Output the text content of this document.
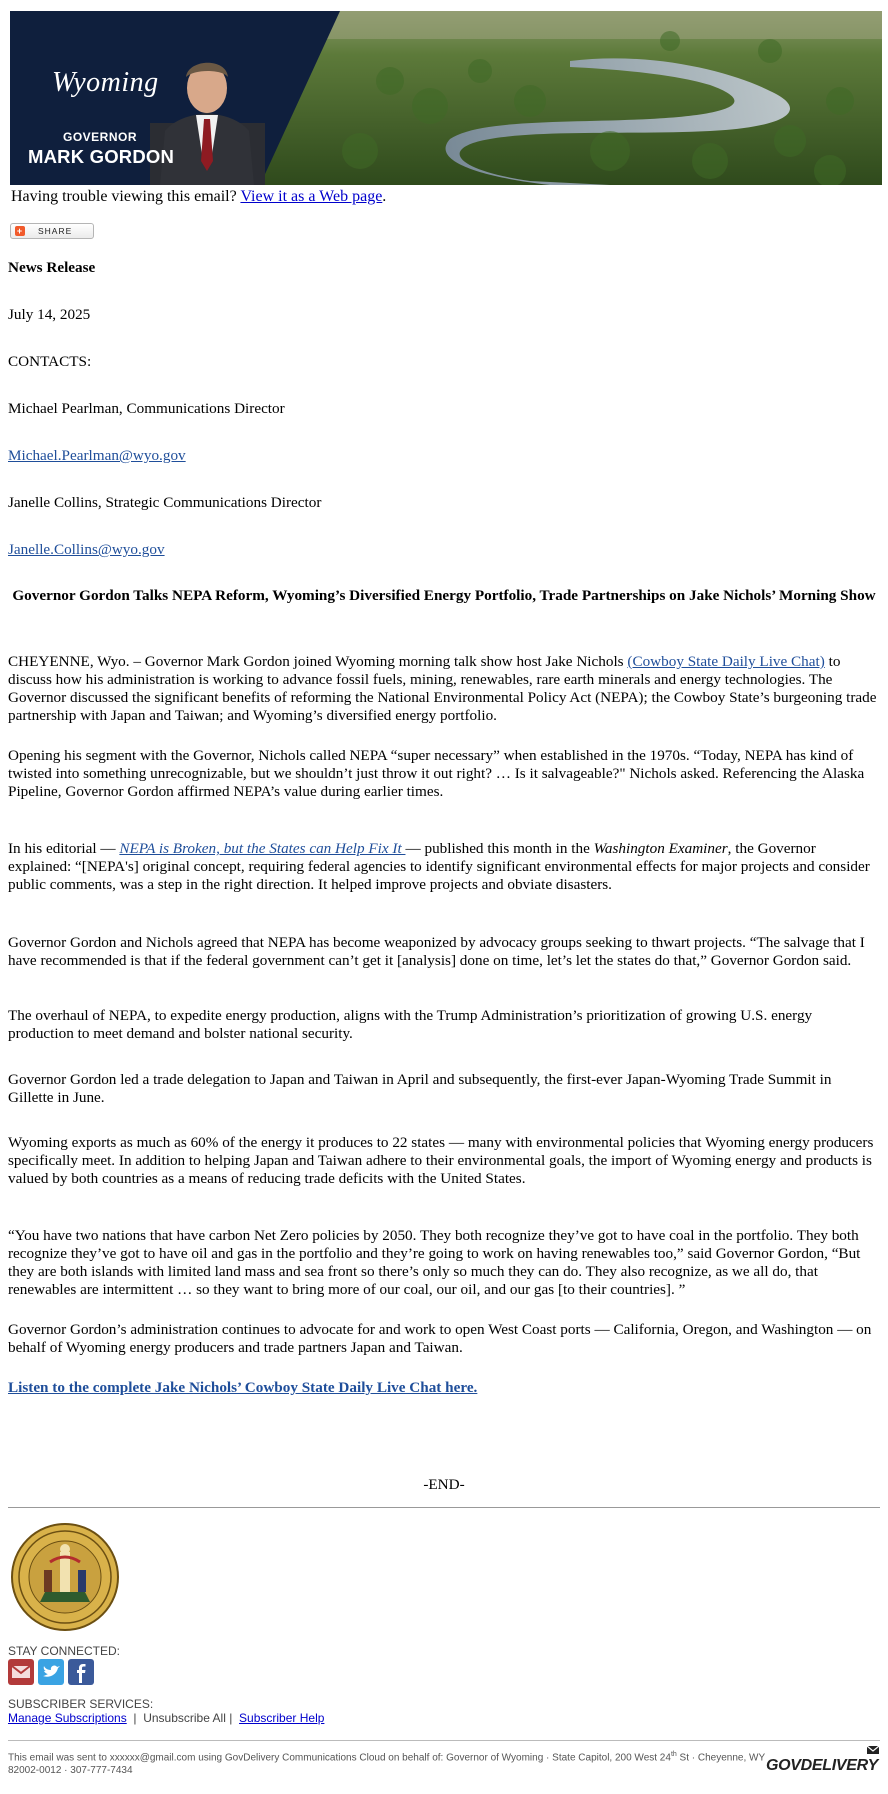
Wyoming
GOVERNOR
MARK GORDON
Having trouble viewing this email? View it as a Web page.
+ SHARE
News Release
July 14, 2025
CONTACTS:
Michael Pearlman, Communications Director
Michael.Pearlman@wyo.gov
Janelle Collins, Strategic Communications Director
Janelle.Collins@wyo.gov
Governor Gordon Talks NEPA Reform, Wyoming’s Diversified Energy Portfolio, Trade Partnerships on Jake Nichols’ Morning Show
CHEYENNE, Wyo. – Governor Mark Gordon joined Wyoming morning talk show host Jake Nichols (Cowboy State Daily Live Chat) to discuss how his administration is working to advance fossil fuels, mining, renewables, rare earth minerals and energy technologies. The Governor discussed the significant benefits of reforming the National Environmental Policy Act (NEPA); the Cowboy State’s burgeoning trade partnership with Japan and Taiwan; and Wyoming’s diversified energy portfolio.
Opening his segment with the Governor, Nichols called NEPA “super necessary” when established in the 1970s. “Today, NEPA has kind of twisted into something unrecognizable, but we shouldn’t just throw it out right? … Is it salvageable?" Nichols asked. Referencing the Alaska Pipeline, Governor Gordon affirmed NEPA’s value during earlier times.
In his editorial — NEPA is Broken, but the States can Help Fix It — published this month in the Washington Examiner, the Governor explained: “[NEPA's] original concept, requiring federal agencies to identify significant environmental effects for major projects and consider public comments, was a step in the right direction. It helped improve projects and obviate disasters.
Governor Gordon and Nichols agreed that NEPA has become weaponized by advocacy groups seeking to thwart projects. “The salvage that I have recommended is that if the federal government can’t get it [analysis] done on time, let’s let the states do that,” Governor Gordon said.
The overhaul of NEPA, to expedite energy production, aligns with the Trump Administration’s prioritization of growing U.S. energy production to meet demand and bolster national security.
Governor Gordon led a trade delegation to Japan and Taiwan in April and subsequently, the first-ever Japan-Wyoming Trade Summit in Gillette in June.
Wyoming exports as much as 60% of the energy it produces to 22 states — many with environmental policies that Wyoming energy producers specifically meet. In addition to helping Japan and Taiwan adhere to their environmental goals, the import of Wyoming energy and products is valued by both countries as a means of reducing trade deficits with the United States.
“You have two nations that have carbon Net Zero policies by 2050. They both recognize they’ve got to have coal in the portfolio. They both recognize they’ve got to have oil and gas in the portfolio and they’re going to work on having renewables too,” said Governor Gordon, “But they are both islands with limited land mass and sea front so there’s only so much they can do. They also recognize, as we all do, that renewables are intermittent … so they want to bring more of our coal, our oil, and our gas [to their countries]. ”
Governor Gordon’s administration continues to advocate for and work to open West Coast ports — California, Oregon, and Washington — on behalf of Wyoming energy producers and trade partners Japan and Taiwan.
Listen to the complete Jake Nichols’ Cowboy State Daily Live Chat here.
-END-
STAY CONNECTED:
SUBSCRIBER SERVICES:
Manage Subscriptions  |  Unsubscribe All |  Subscriber Help
This email was sent to xxxxxx@gmail.com using GovDelivery Communications Cloud on behalf of: Governor of Wyoming · State Capitol, 200 West 24th St · Cheyenne, WY 82002-0012 · 307-777-7434	GOVDELIVERY
